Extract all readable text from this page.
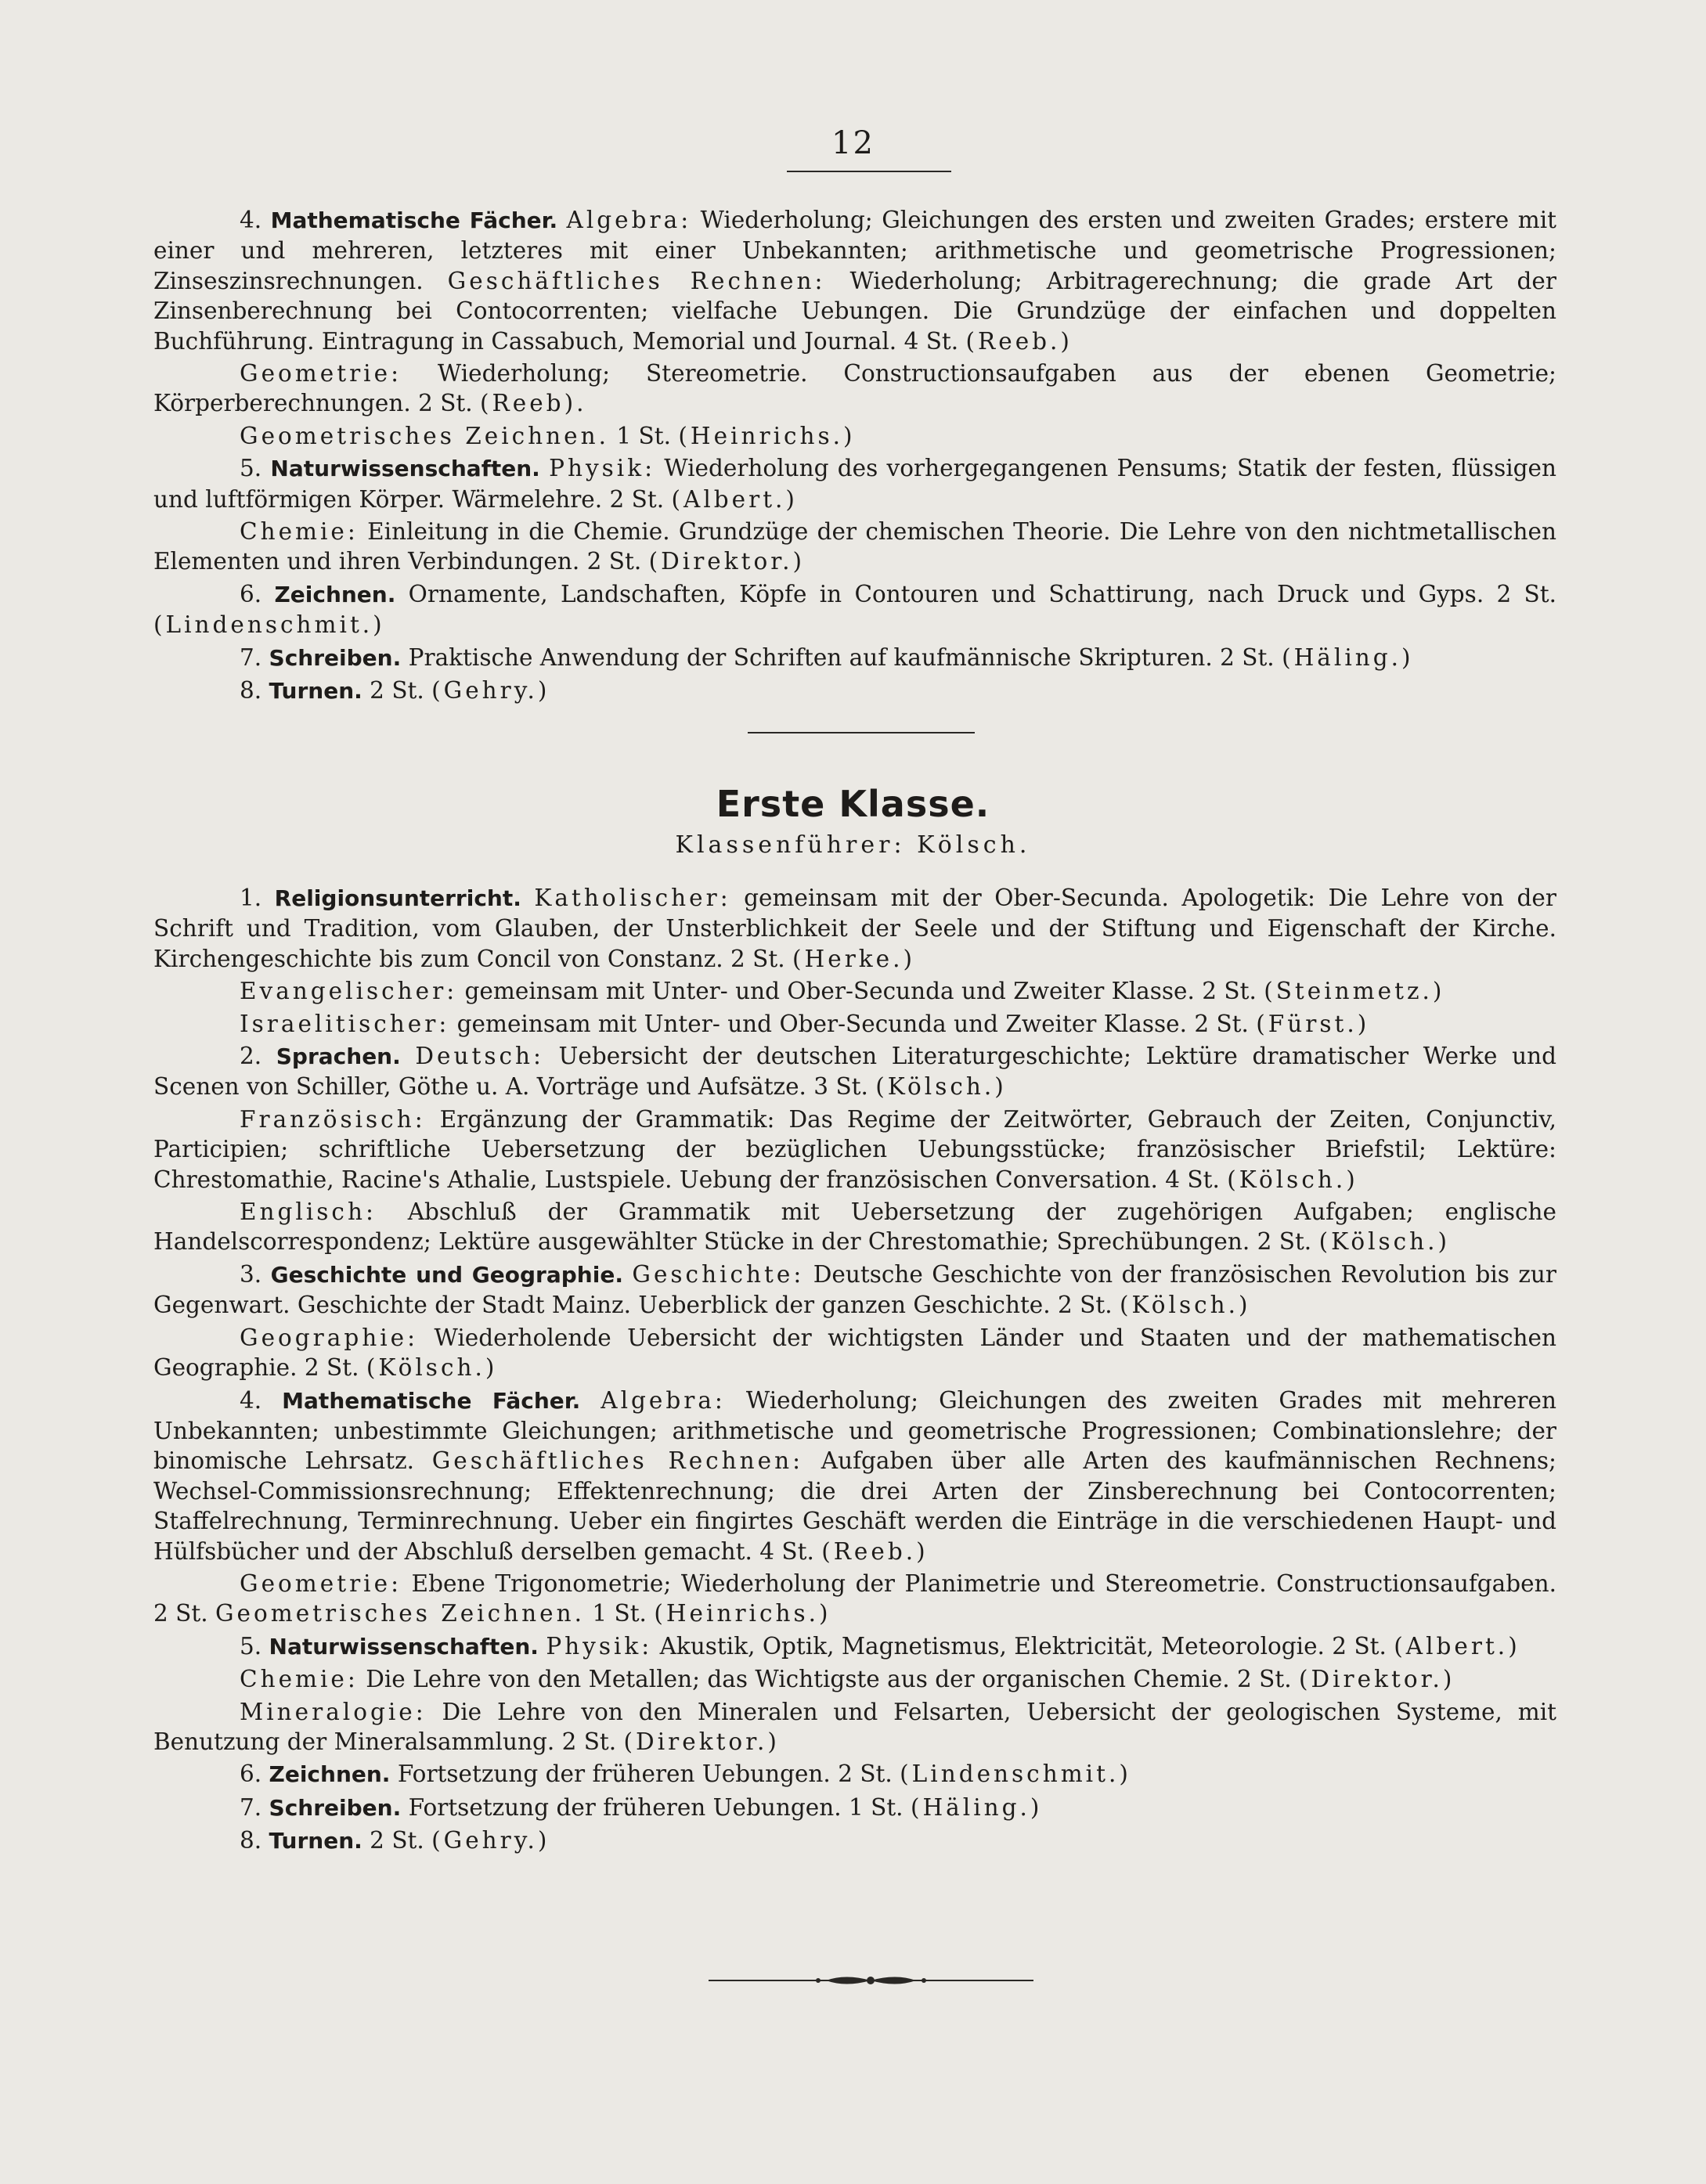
12

4. Mathematische Fächer. Algebra: Wiederholung; Gleichungen des ersten und zweiten Grades; erstere mit einer und mehreren, letzteres mit einer Unbekannten; arithmetische und geometrische Progressionen; Zinseszinsrechnungen. Geschäftliches Rechnen: Wiederholung; Arbitragerechnung; die grade Art der Zinsenberechnung bei Contocorrenten; vielfache Uebungen. Die Grundzüge der einfachen und doppelten Buchführung. Eintragung in Cassabuch, Memorial und Journal. 4 St. (Reeb.)

Geometrie: Wiederholung; Stereometrie. Constructionsaufgaben aus der ebenen Geometrie; Körperberechnungen. 2 St. (Reeb).

Geometrisches Zeichnen. 1 St. (Heinrichs.)

5. Naturwissenschaften. Physik: Wiederholung des vorhergegangenen Pensums; Statik der festen, flüssigen und luftförmigen Körper. Wärmelehre. 2 St. (Albert.)

Chemie: Einleitung in die Chemie. Grundzüge der chemischen Theorie. Die Lehre von den nichtmetallischen Elementen und ihren Verbindungen. 2 St. (Direktor.)

6. Zeichnen. Ornamente, Landschaften, Köpfe in Contouren und Schattirung, nach Druck und Gyps. 2 St. (Lindenschmit.)

7. Schreiben. Praktische Anwendung der Schriften auf kaufmännische Skripturen. 2 St. (Häling.)

8. Turnen. 2 St. (Gehry.)

Erste Klasse.
Klassenführer: Kölsch.

1. Religionsunterricht. Katholischer: gemeinsam mit der Ober-Secunda. Apologetik: Die Lehre von der Schrift und Tradition, vom Glauben, der Unsterblichkeit der Seele und der Stiftung und Eigenschaft der Kirche. Kirchengeschichte bis zum Concil von Constanz. 2 St. (Herke.)

Evangelischer: gemeinsam mit Unter- und Ober-Secunda und Zweiter Klasse. 2 St. (Steinmetz.)

Israelitischer: gemeinsam mit Unter- und Ober-Secunda und Zweiter Klasse. 2 St. (Fürst.)

2. Sprachen. Deutsch: Uebersicht der deutschen Literaturgeschichte; Lektüre dramatischer Werke und Scenen von Schiller, Göthe u. A. Vorträge und Aufsätze. 3 St. (Kölsch.)

Französisch: Ergänzung der Grammatik: Das Regime der Zeitwörter, Gebrauch der Zeiten, Conjunctiv, Participien; schriftliche Uebersetzung der bezüglichen Uebungsstücke; französischer Briefstil; Lektüre: Chrestomathie, Racine's Athalie, Lustspiele. Uebung der französischen Conversation. 4 St. (Kölsch.)

Englisch: Abschluß der Grammatik mit Uebersetzung der zugehörigen Aufgaben; englische Handelscorrespondenz; Lektüre ausgewählter Stücke in der Chrestomathie; Sprechübungen. 2 St. (Kölsch.)

3. Geschichte und Geographie. Geschichte: Deutsche Geschichte von der französischen Revolution bis zur Gegenwart. Geschichte der Stadt Mainz. Ueberblick der ganzen Geschichte. 2 St. (Kölsch.)

Geographie: Wiederholende Uebersicht der wichtigsten Länder und Staaten und der mathematischen Geographie. 2 St. (Kölsch.)

4. Mathematische Fächer. Algebra: Wiederholung; Gleichungen des zweiten Grades mit mehreren Unbekannten; unbestimmte Gleichungen; arithmetische und geometrische Progressionen; Combinationslehre; der binomische Lehrsatz. Geschäftliches Rechnen: Aufgaben über alle Arten des kaufmännischen Rechnens; Wechsel-Commissionsrechnung; Effektenrechnung; die drei Arten der Zinsberechnung bei Contocorrenten; Staffelrechnung, Terminrechnung. Ueber ein fingirtes Geschäft werden die Einträge in die verschiedenen Haupt- und Hülfsbücher und der Abschluß derselben gemacht. 4 St. (Reeb.)

Geometrie: Ebene Trigonometrie; Wiederholung der Planimetrie und Stereometrie. Constructionsaufgaben. 2 St. Geometrisches Zeichnen. 1 St. (Heinrichs.)

5. Naturwissenschaften. Physik: Akustik, Optik, Magnetismus, Elektricität, Meteorologie. 2 St. (Albert.)

Chemie: Die Lehre von den Metallen; das Wichtigste aus der organischen Chemie. 2 St. (Direktor.)

Mineralogie: Die Lehre von den Mineralen und Felsarten, Uebersicht der geologischen Systeme, mit Benutzung der Mineralsammlung. 2 St. (Direktor.)

6. Zeichnen. Fortsetzung der früheren Uebungen. 2 St. (Lindenschmit.)

7. Schreiben. Fortsetzung der früheren Uebungen. 1 St. (Häling.)

8. Turnen. 2 St. (Gehry.)
